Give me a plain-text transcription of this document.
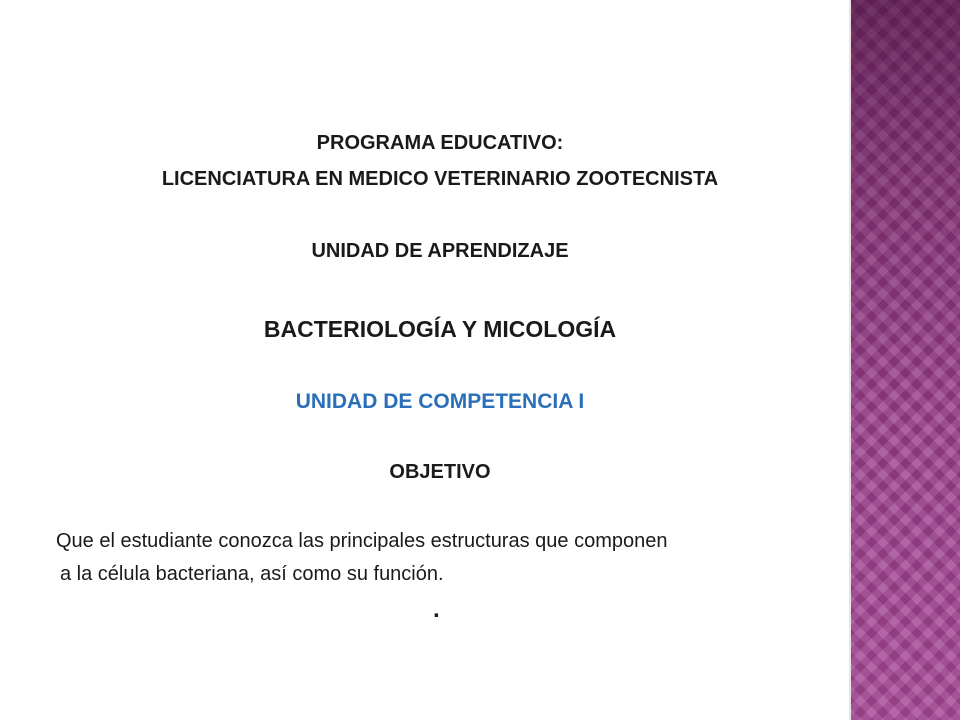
PROGRAMA EDUCATIVO:
LICENCIATURA EN MEDICO VETERINARIO ZOOTECNISTA
UNIDAD DE APRENDIZAJE
BACTERIOLOGÍA Y MICOLOGÍA
UNIDAD DE COMPETENCIA I
OBJETIVO
Que el estudiante conozca las principales estructuras que componen
a la célula bacteriana, así como su función.
.
